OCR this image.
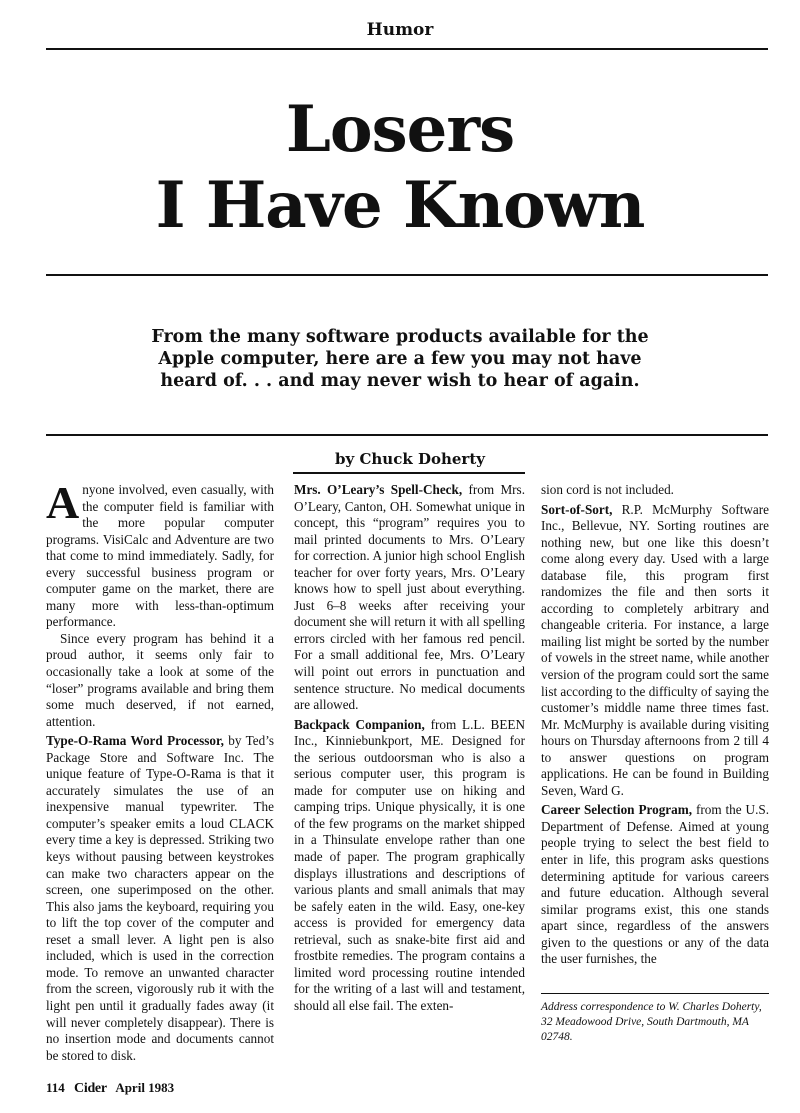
Humor
Losers
I Have Known
From the many software products available for the
Apple computer, here are a few you may not have
heard of. . . and may never wish to hear of again.
by Chuck Doherty

Anyone involved, even casually, with the computer field is familiar with the more popular computer programs. VisiCalc and Adventure are two that come to mind immediately. Sadly, for every successful business program or computer game on the market, there are many more with less-than-optimum performance.

Since every program has behind it a proud author, it seems only fair to occasionally take a look at some of the “loser” programs available and bring them some much deserved, if not earned, attention.

Type-O-Rama Word Processor, by Ted’s Package Store and Software Inc. The unique feature of Type-O-Rama is that it accurately simulates the use of an inexpensive manual typewriter. The computer’s speaker emits a loud CLACK every time a key is depressed. Striking two keys without pausing between keystrokes can make two characters appear on the screen, one superimposed on the other. This also jams the keyboard, requiring you to lift the top cover of the computer and reset a small lever. A light pen is also included, which is used in the correction mode. To remove an unwanted character from the screen, vigorously rub it with the light pen until it gradually fades away (it will never completely disappear). There is no insertion mode and documents cannot be stored to disk.

Mrs. O’Leary’s Spell-Check, from Mrs. O’Leary, Canton, OH. Somewhat unique in concept, this “program” requires you to mail printed documents to Mrs. O’Leary for correction. A junior high school English teacher for over forty years, Mrs. O’Leary knows how to spell just about everything. Just 6–8 weeks after receiving your document she will return it with all spelling errors circled with her famous red pencil. For a small additional fee, Mrs. O’Leary will point out errors in punctuation and sentence structure. No medical documents are allowed.

Backpack Companion, from L.L. BEEN Inc., Kinniebunkport, ME. Designed for the serious outdoorsman who is also a serious computer user, this program is made for computer use on hiking and camping trips. Unique physically, it is one of the few programs on the market shipped in a Thinsulate envelope rather than one made of paper. The program graphically displays illustrations and descriptions of various plants and small animals that may be safely eaten in the wild. Easy, one-key access is provided for emergency data retrieval, such as snake-bite first aid and frostbite remedies. The program contains a limited word processing routine intended for the writing of a last will and testament, should all else fail. The exten-

sion cord is not included.

Sort-of-Sort, R.P. McMurphy Software Inc., Bellevue, NY. Sorting routines are nothing new, but one like this doesn’t come along every day. Used with a large database file, this program first randomizes the file and then sorts it according to completely arbitrary and changeable criteria. For instance, a large mailing list might be sorted by the number of vowels in the street name, while another version of the program could sort the same list according to the difficulty of saying the customer’s middle name three times fast. Mr. McMurphy is available during visiting hours on Thursday afternoons from 2 till 4 to answer questions on program applications. He can be found in Building Seven, Ward G.

Career Selection Program, from the U.S. Department of Defense. Aimed at young people trying to select the best field to enter in life, this program asks questions determining aptitude for various careers and future education. Although several similar programs exist, this one stands apart since, regardless of the answers given to the questions or any of the data the user furnishes, the

Address correspondence to W. Charles Doherty,
32 Meadowood Drive, South Dartmouth, MA
02748.
114 Cider April 1983
